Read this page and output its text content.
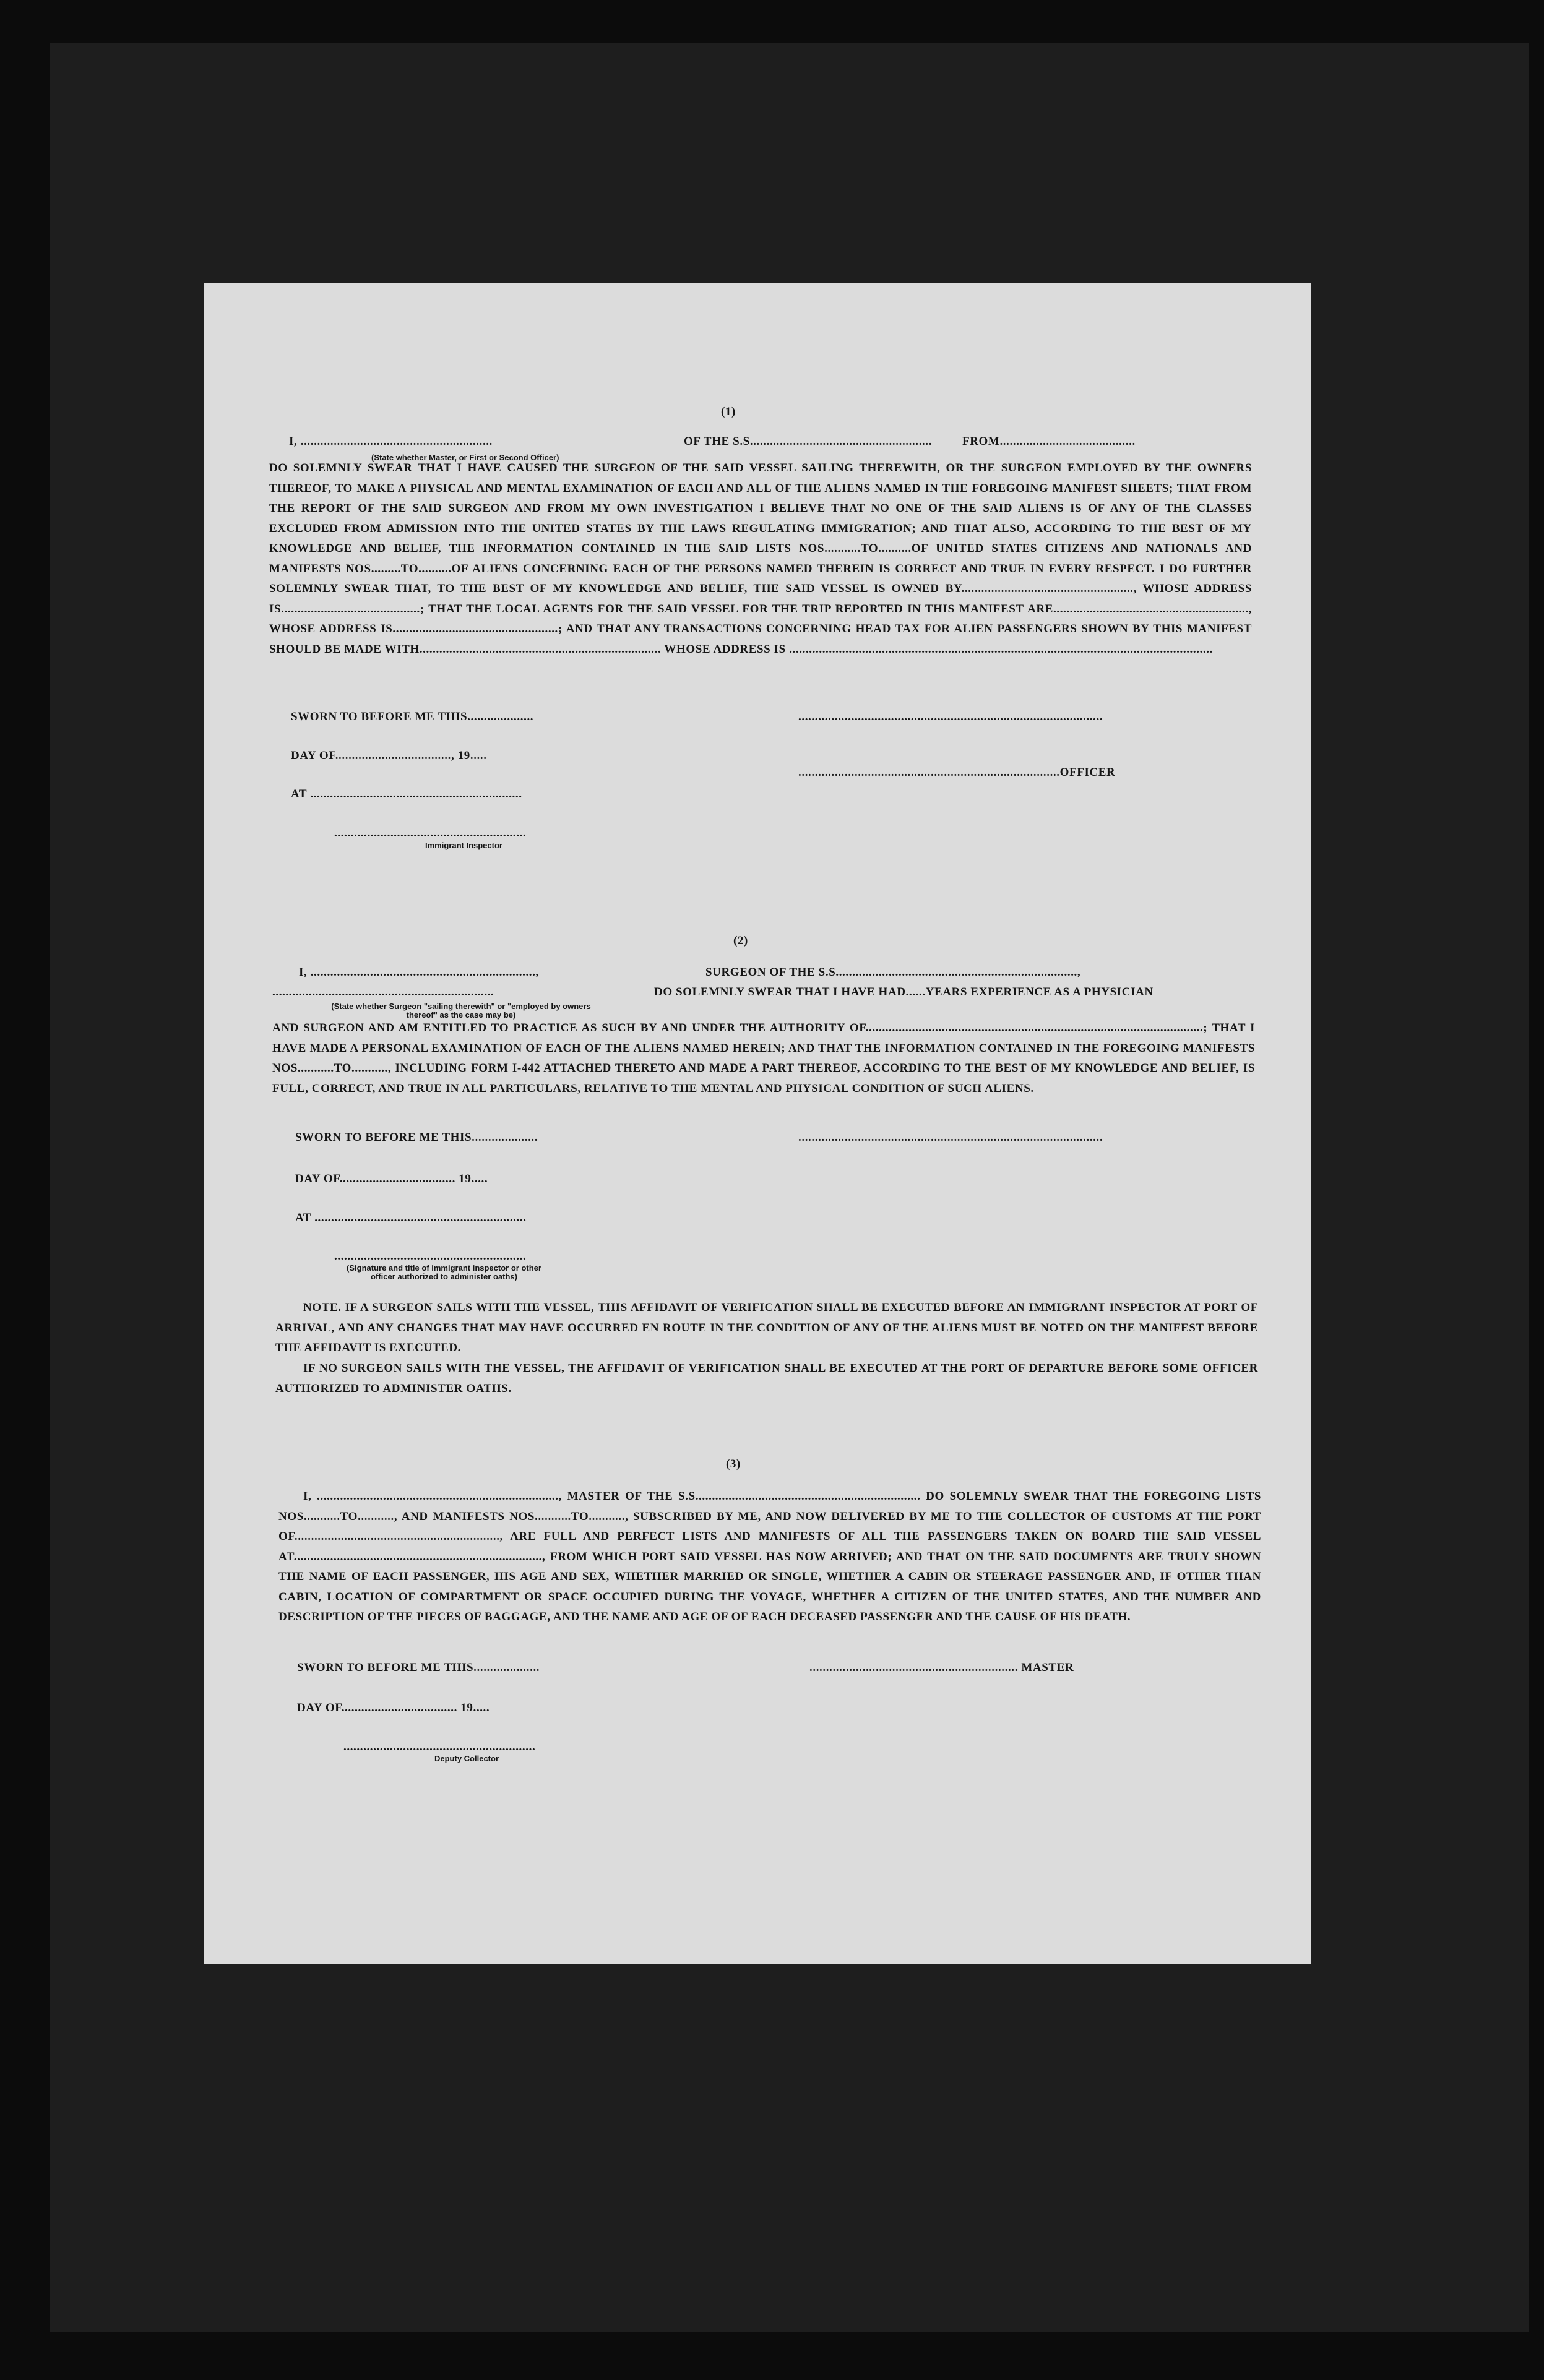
(1)
I, ..........................................................	OF THE S.S.......................................................	FROM.........................................
(State whether Master, or First or Second Officer)
DO SOLEMNLY SWEAR THAT I HAVE CAUSED THE SURGEON OF THE SAID VESSEL SAILING THEREWITH, OR THE SURGEON EMPLOYED BY THE OWNERS THEREOF, TO MAKE A PHYSICAL AND MENTAL EXAMINATION OF EACH AND ALL OF THE ALIENS NAMED IN THE FOREGOING MANIFEST SHEETS; THAT FROM THE REPORT OF THE SAID SURGEON AND FROM MY OWN INVESTIGATION I BELIEVE THAT NO ONE OF THE SAID ALIENS IS OF ANY OF THE CLASSES EXCLUDED FROM ADMISSION INTO THE UNITED STATES BY THE LAWS REGULATING IMMIGRATION; AND THAT ALSO, ACCORDING TO THE BEST OF MY KNOWLEDGE AND BELIEF, THE INFORMATION CONTAINED IN THE SAID LISTS NOS...........TO..........OF UNITED STATES CITIZENS AND NATIONALS AND MANIFESTS NOS.........TO..........OF ALIENS CONCERNING EACH OF THE PERSONS NAMED THEREIN IS CORRECT AND TRUE IN EVERY RESPECT. I DO FURTHER SOLEMNLY SWEAR THAT, TO THE BEST OF MY KNOWLEDGE AND BELIEF, THE SAID VESSEL IS OWNED BY...................................................., WHOSE ADDRESS IS..........................................; THAT THE LOCAL AGENTS FOR THE SAID VESSEL FOR THE TRIP REPORTED IN THIS MANIFEST ARE..........................................................., WHOSE ADDRESS IS..................................................; AND THAT ANY TRANSACTIONS CONCERNING HEAD TAX FOR ALIEN PASSENGERS SHOWN BY THIS MANIFEST SHOULD BE MADE WITH......................................................................... WHOSE ADDRESS IS ................................................................................................................................
SWORN TO BEFORE ME THIS....................
DAY OF..................................., 19.....
AT ................................................................
..........................................................
Immigrant Inspector
............................................................................................
...............................................................................OFFICER
(2)
I, ....................................................................,	SURGEON OF THE S.S.........................................................................,
...................................................................	DO SOLEMNLY SWEAR THAT I HAVE HAD......YEARS EXPERIENCE AS A PHYSICIAN
(State whether Surgeon "sailing therewith" or "employed by owners thereof" as the case may be)
AND SURGEON AND AM ENTITLED TO PRACTICE AS SUCH BY AND UNDER THE AUTHORITY OF......................................................................................................; THAT I HAVE MADE A PERSONAL EXAMINATION OF EACH OF THE ALIENS NAMED HEREIN; AND THAT THE INFORMATION CONTAINED IN THE FOREGOING MANIFESTS NOS...........TO..........., INCLUDING FORM I-442 ATTACHED THERETO AND MADE A PART THEREOF, ACCORDING TO THE BEST OF MY KNOWLEDGE AND BELIEF, IS FULL, CORRECT, AND TRUE IN ALL PARTICULARS, RELATIVE TO THE MENTAL AND PHYSICAL CONDITION OF SUCH ALIENS.
SWORN TO BEFORE ME THIS....................
DAY OF................................... 19.....
AT ................................................................
..........................................................
(Signature and title of immigrant inspector or other officer authorized to administer oaths)
............................................................................................
NOTE. IF A SURGEON SAILS WITH THE VESSEL, THIS AFFIDAVIT OF VERIFICATION SHALL BE EXECUTED BEFORE AN IMMIGRANT INSPECTOR AT PORT OF ARRIVAL, AND ANY CHANGES THAT MAY HAVE OCCURRED EN ROUTE IN THE CONDITION OF ANY OF THE ALIENS MUST BE NOTED ON THE MANIFEST BEFORE THE AFFIDAVIT IS EXECUTED.
IF NO SURGEON SAILS WITH THE VESSEL, THE AFFIDAVIT OF VERIFICATION SHALL BE EXECUTED AT THE PORT OF DEPARTURE BEFORE SOME OFFICER AUTHORIZED TO ADMINISTER OATHS.
(3)
I, ........................................................................., MASTER OF THE S.S.................................................................... DO SOLEMNLY SWEAR THAT THE FOREGOING LISTS NOS...........TO..........., AND MANIFESTS NOS...........TO..........., SUBSCRIBED BY ME, AND NOW DELIVERED BY ME TO THE COLLECTOR OF CUSTOMS AT THE PORT OF.............................................................., ARE FULL AND PERFECT LISTS AND MANIFESTS OF ALL THE PASSENGERS TAKEN ON BOARD THE SAID VESSEL AT..........................................................................., FROM WHICH PORT SAID VESSEL HAS NOW ARRIVED; AND THAT ON THE SAID DOCUMENTS ARE TRULY SHOWN THE NAME OF EACH PASSENGER, HIS AGE AND SEX, WHETHER MARRIED OR SINGLE, WHETHER A CABIN OR STEERAGE PASSENGER AND, IF OTHER THAN CABIN, LOCATION OF COMPARTMENT OR SPACE OCCUPIED DURING THE VOYAGE, WHETHER A CITIZEN OF THE UNITED STATES, AND THE NUMBER AND DESCRIPTION OF THE PIECES OF BAGGAGE, AND THE NAME AND AGE OF OF EACH DECEASED PASSENGER AND THE CAUSE OF HIS DEATH.
SWORN TO BEFORE ME THIS....................
DAY OF................................... 19.....
..........................................................
Deputy Collector
............................................................... MASTER
